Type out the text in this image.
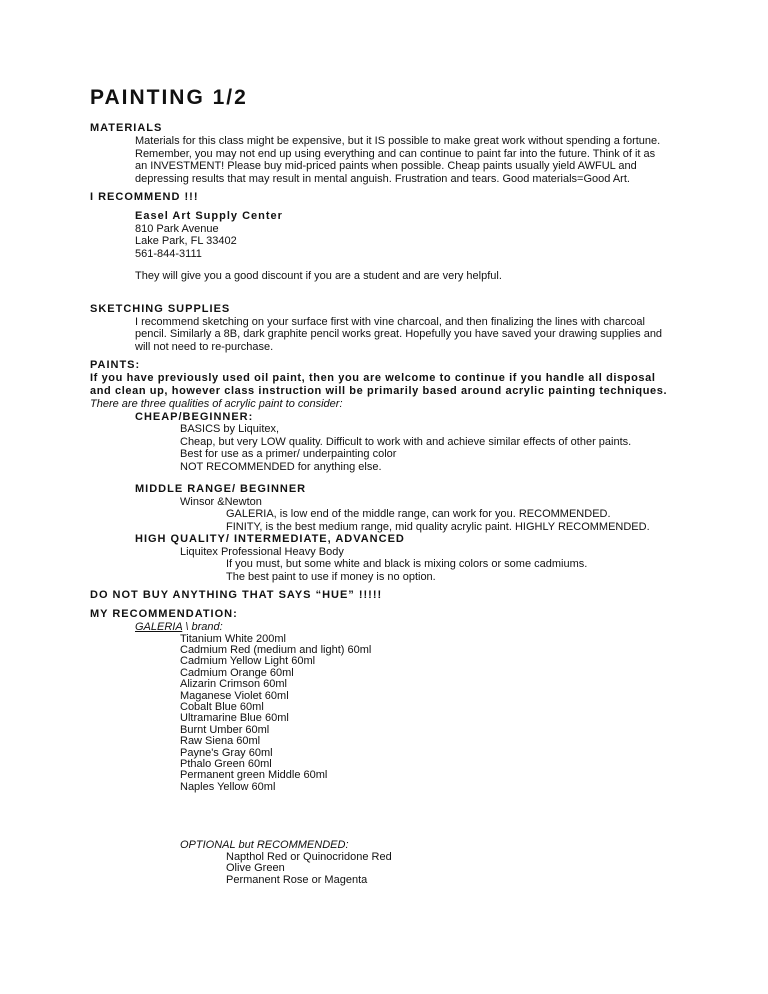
PAINTING 1/2
MATERIALS
Materials for this class might be expensive, but it IS possible to make great work without spending a fortune.
Remember, you may not end up using everything and can continue to paint far into the future. Think of it as
an INVESTMENT! Please buy mid-priced paints when possible. Cheap paints usually yield AWFUL and
depressing results that may result in mental anguish. Frustration and tears. Good materials=Good Art.
I RECOMMEND !!!
Easel Art Supply Center
810 Park Avenue
Lake Park, FL 33402
561-844-3111
They will give you a good discount if you are a student and are very helpful.
SKETCHING SUPPLIES
I recommend sketching on your surface first with vine charcoal, and then finalizing the lines with charcoal
pencil. Similarly a 8B, dark graphite pencil works great. Hopefully you have saved your drawing supplies and
will not need to re-purchase.
PAINTS:
If you have previously used oil paint, then you are welcome to continue if you handle all disposal
and clean up, however class instruction will be primarily based around acrylic painting techniques.
There are three qualities of acrylic paint to consider:
CHEAP/BEGINNER:
BASICS by Liquitex,
Cheap, but very LOW quality. Difficult to work with and achieve similar effects of other paints.
Best for use as a primer/ underpainting color
NOT RECOMMENDED for anything else.
MIDDLE RANGE/ BEGINNER
Winsor &Newton
GALERIA, is low end of the middle range, can work for you. RECOMMENDED.
FINITY, is the best medium range, mid quality acrylic paint. HIGHLY RECOMMENDED.
HIGH QUALITY/ INTERMEDIATE, ADVANCED
Liquitex Professional Heavy Body
If you must, but some white and black is mixing colors or some cadmiums.
The best paint to use if money is no option.
DO NOT BUY ANYTHING THAT SAYS “HUE” !!!!!
MY RECOMMENDATION:
GALERIA \ brand:
Titanium White 200ml
Cadmium Red (medium and light) 60ml
Cadmium Yellow Light 60ml
Cadmium Orange 60ml
Alizarin Crimson 60ml
Maganese Violet 60ml
Cobalt Blue 60ml
Ultramarine Blue 60ml
Burnt Umber 60ml
Raw Siena 60ml
Payne's Gray 60ml
Pthalo Green 60ml
Permanent green Middle 60ml
Naples Yellow 60ml
OPTIONAL but RECOMMENDED:
Napthol Red or Quinocridone Red
Olive Green
Permanent Rose or Magenta
